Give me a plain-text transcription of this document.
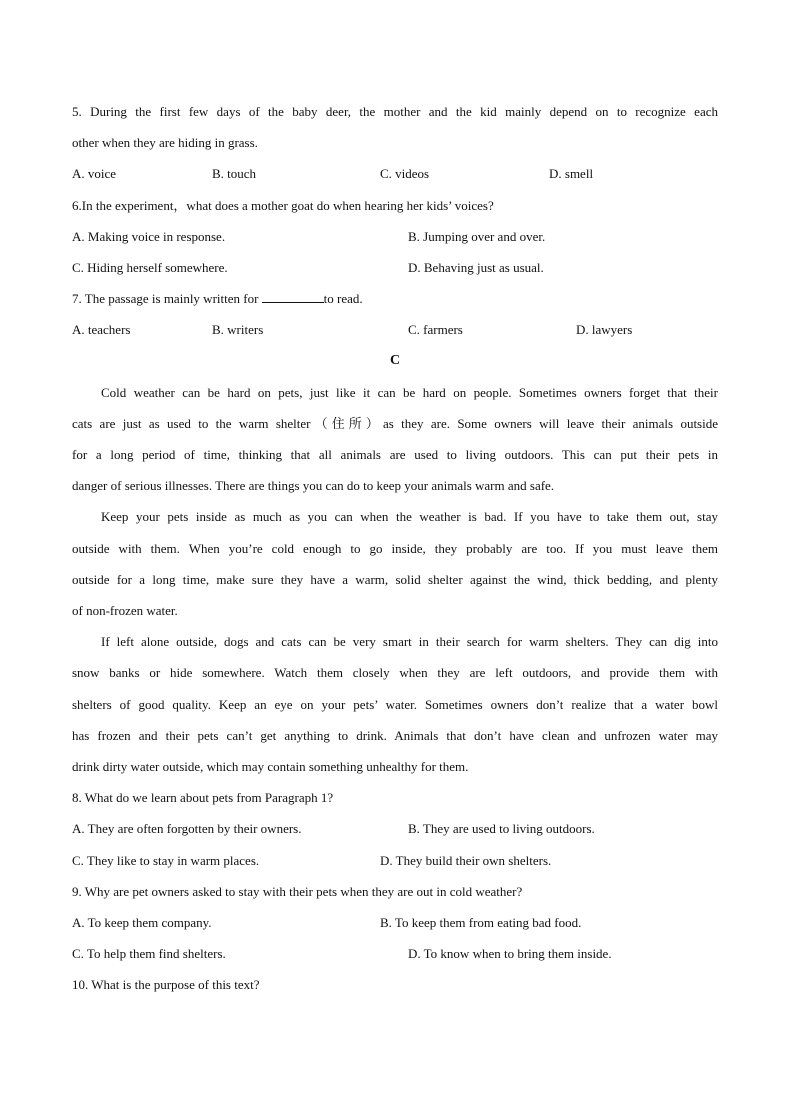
5. During the first few days of the baby deer, the mother and the kid mainly depend on to recognize each
other when they are hiding in grass.
A. voice	B. touch	C. videos	D. smell
6.In the experiment，what does a mother goat do when hearing her kids’ voices?
A. Making voice in response.	B. Jumping over and over.
C. Hiding herself somewhere.	D. Behaving just as usual.
7. The passage is mainly written for	to read.
A. teachers	B. writers	C. farmers	D. lawyers
C
Cold weather can be hard on pets, just like it can be hard on people. Sometimes owners forget that their
cats are just as used to the warm shelter（住所）as they are. Some owners will leave their animals outside
for a long period of time, thinking that all animals are used to living outdoors. This can put their pets in
danger of serious illnesses. There are things you can do to keep your animals warm and safe.
Keep your pets inside as much as you can when the weather is bad. If you have to take them out, stay
outside with them. When you’re cold enough to go inside, they probably are too. If you must leave them
outside for a long time, make sure they have a warm, solid shelter against the wind, thick bedding, and plenty
of non-frozen water.
If left alone outside, dogs and cats can be very smart in their search for warm shelters. They can dig into
snow banks or hide somewhere. Watch them closely when they are left outdoors, and provide them with
shelters of good quality. Keep an eye on your pets’ water. Sometimes owners don’t realize that a water bowl
has frozen and their pets can’t get anything to drink. Animals that don’t have clean and unfrozen water may
drink dirty water outside, which may contain something unhealthy for them.
8. What do we learn about pets from Paragraph 1?
A. They are often forgotten by their owners.	B. They are used to living outdoors.
C. They like to stay in warm places.	D. They build their own shelters.
9. Why are pet owners asked to stay with their pets when they are out in cold weather?
A. To keep them company.	B. To keep them from eating bad food.
C. To help them find shelters.	D. To know when to bring them inside.
10. What is the purpose of this text?
